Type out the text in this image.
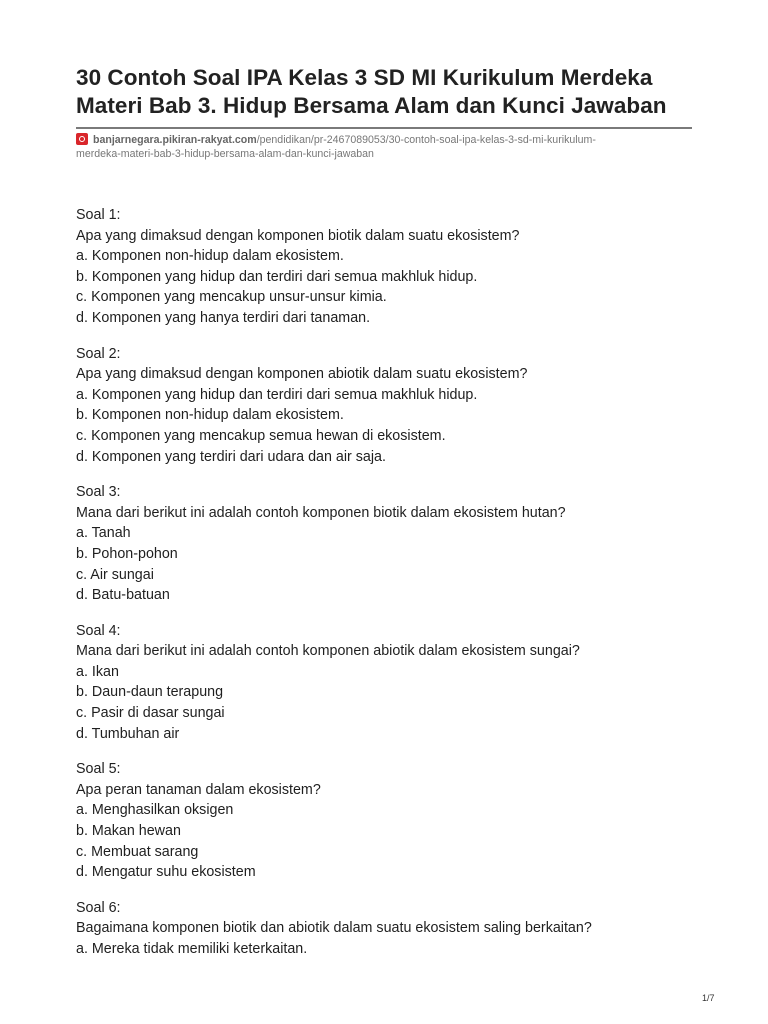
30 Contoh Soal IPA Kelas 3 SD MI Kurikulum Merdeka
Materi Bab 3. Hidup Bersama Alam dan Kunci Jawaban
banjarnegara.pikiran-rakyat.com/pendidikan/pr-2467089053/30-contoh-soal-ipa-kelas-3-sd-mi-kurikulum-
merdeka-materi-bab-3-hidup-bersama-alam-dan-kunci-jawaban
Soal 1:
Apa yang dimaksud dengan komponen biotik dalam suatu ekosistem?
a. Komponen non-hidup dalam ekosistem.
b. Komponen yang hidup dan terdiri dari semua makhluk hidup.
c. Komponen yang mencakup unsur-unsur kimia.
d. Komponen yang hanya terdiri dari tanaman.
Soal 2:
Apa yang dimaksud dengan komponen abiotik dalam suatu ekosistem?
a. Komponen yang hidup dan terdiri dari semua makhluk hidup.
b. Komponen non-hidup dalam ekosistem.
c. Komponen yang mencakup semua hewan di ekosistem.
d. Komponen yang terdiri dari udara dan air saja.
Soal 3:
Mana dari berikut ini adalah contoh komponen biotik dalam ekosistem hutan?
a. Tanah
b. Pohon-pohon
c. Air sungai
d. Batu-batuan
Soal 4:
Mana dari berikut ini adalah contoh komponen abiotik dalam ekosistem sungai?
a. Ikan
b. Daun-daun terapung
c. Pasir di dasar sungai
d. Tumbuhan air
Soal 5:
Apa peran tanaman dalam ekosistem?
a. Menghasilkan oksigen
b. Makan hewan
c. Membuat sarang
d. Mengatur suhu ekosistem
Soal 6:
Bagaimana komponen biotik dan abiotik dalam suatu ekosistem saling berkaitan?
a. Mereka tidak memiliki keterkaitan.
1/7
